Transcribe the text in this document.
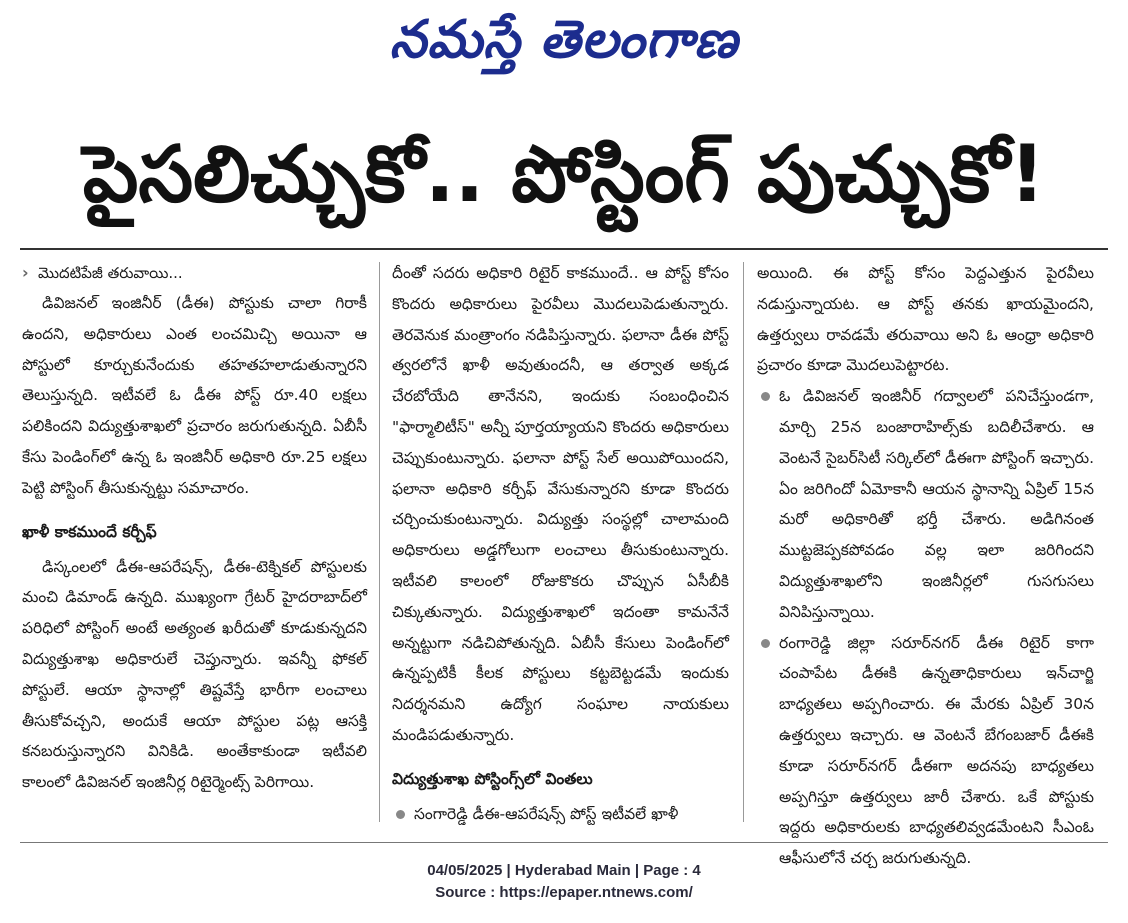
నమస్తే తెలంగాణ
పైసలిచ్చుకో.. పోస్టింగ్ పుచ్చుకో!
› మొదటిపేజీ తరువాయి...

డివిజనల్ ఇంజినీర్ (డీఈ) పోస్టుకు చాలా గిరాకీ ఉందని, అధికారులు ఎంత లంచమిచ్చి అయినా ఆ పోస్టులో కూర్చుకునేందుకు తహతహలాడుతున్నారని తెలుస్తున్నది. ఇటీవలే ఓ డీఈ పోస్ట్ రూ.40 లక్షలు పలికిందని విద్యుత్తుశాఖలో ప్రచారం జరుగుతున్నది. ఏబీసీ కేసు పెండింగ్‌లో ఉన్న ఓ ఇంజినీర్ అధికారి రూ.25 లక్షలు పెట్టి పోస్టింగ్ తీసుకున్నట్టు సమాచారం.

ఖాళీ కాకముందే కర్చీఫ్

డిస్కంలలో డీఈ-ఆపరేషన్స్, డీఈ-టెక్నికల్ పోస్టులకు మంచి డిమాండ్ ఉన్నది. ముఖ్యంగా గ్రేటర్ హైదరాబాద్‌లో పరిధిలో పోస్టింగ్ అంటే అత్యంత ఖరీదుతో కూడుకున్నదని విద్యుత్తుశాఖ అధికారులే చెప్తున్నారు. ఇవన్నీ ఫోకల్ పోస్టులే. ఆయా స్థానాల్లో తిష్టవేస్తే భారీగా లంచాలు తీసుకోవచ్చని, అందుకే ఆయా పోస్టుల పట్ల ఆసక్తి కనబరుస్తున్నారని వినికిడి. అంతేకాకుండా ఇటీవలి కాలంలో డివిజనల్ ఇంజినీర్ల రిటైర్మెంట్స్ పెరిగాయి.

దీంతో సదరు అధికారి రిటైర్ కాకముందే.. ఆ పోస్ట్ కోసం కొందరు అధికారులు పైరవీలు మొదలుపెడుతున్నారు. తెరవెనుక మంత్రాంగం నడిపిస్తున్నారు. ఫలానా డీఈ పోస్ట్ త్వరలోనే ఖాళీ అవుతుందనీ, ఆ తర్వాత అక్కడ చేరబోయేది తానేనని, ఇందుకు సంబంధించిన "ఫార్మాలిటీస్" అన్నీ పూర్తయ్యాయని కొందరు అధికారులు చెప్పుకుంటున్నారు. ఫలానా పోస్ట్ సేల్ అయిపోయిందని, ఫలానా అధికారి కర్చీఫ్ వేసుకున్నారని కూడా కొందరు చర్చించుకుంటున్నారు. విద్యుత్తు సంస్థల్లో చాలామంది అధికారులు అడ్డగోలుగా లంచాలు తీసుకుంటున్నారు. ఇటీవలి కాలంలో రోజుకొకరు చొప్పున ఏసీబీకి చిక్కుతున్నారు. విద్యుత్తుశాఖలో ఇదంతా కామనేనే అన్నట్టుగా నడిచిపోతున్నది. ఏబీసీ కేసులు పెండింగ్‌లో ఉన్నప్పటికీ కీలక పోస్టులు కట్టబెట్టడమే ఇందుకు నిదర్శనమని ఉద్యోగ సంఘాల నాయకులు మండిపడుతున్నారు.

విద్యుత్తుశాఖ పోస్టింగ్స్‌లో వింతలు
సంగారెడ్డి డీఈ-ఆపరేషన్స్ పోస్ట్ ఇటీవలే ఖాళీ

అయింది. ఈ పోస్ట్ కోసం పెద్దఎత్తున పైరవీలు నడుస్తున్నాయట. ఆ పోస్ట్ తనకు ఖాయమైందని, ఉత్తర్వులు రావడమే తరువాయి అని ఓ ఆంధ్రా అధికారి ప్రచారం కూడా మొదలుపెట్టారట.

ఓ డివిజనల్ ఇంజినీర్ గద్వాలలో పనిచేస్తుండగా, మార్చి 25న బంజారాహిల్స్‌కు బదిలీచేశారు. ఆ వెంటనే సైబర్‌సిటీ సర్కిల్‌లో డీఈగా పోస్టింగ్ ఇచ్చారు. ఏం జరిగిందో ఏమోకానీ ఆయన స్థానాన్ని ఏప్రిల్ 15న మరో అధికారితో భర్తీ చేశారు. అడిగినంత ముట్టజెప్పకపోవడం వల్ల ఇలా జరిగిందని విద్యుత్తుశాఖలోని ఇంజినీర్లలో గుసగుసలు వినిపిస్తున్నాయి.
రంగారెడ్డి జిల్లా సరూర్‌నగర్ డీఈ రిటైర్ కాగా చంపాపేట డీఈకి ఉన్నతాధికారులు ఇన్‌చార్జి బాధ్యతలు అప్పగించారు. ఈ మేరకు ఏప్రిల్ 30న ఉత్తర్వులు ఇచ్చారు. ఆ వెంటనే బేగంబజార్ డీఈకి కూడా సరూర్‌నగర్ డీఈగా అదనపు బాధ్యతలు అప్పగిస్తూ ఉత్తర్వులు జారీ చేశారు. ఒకే పోస్టుకు ఇద్దరు అధికారులకు బాధ్యతలివ్వడమేంటని సీఎంఓ ఆఫీసులోనే చర్చ జరుగుతున్నది.
04/05/2025 | Hyderabad Main | Page : 4
Source : https://epaper.ntnews.com/
